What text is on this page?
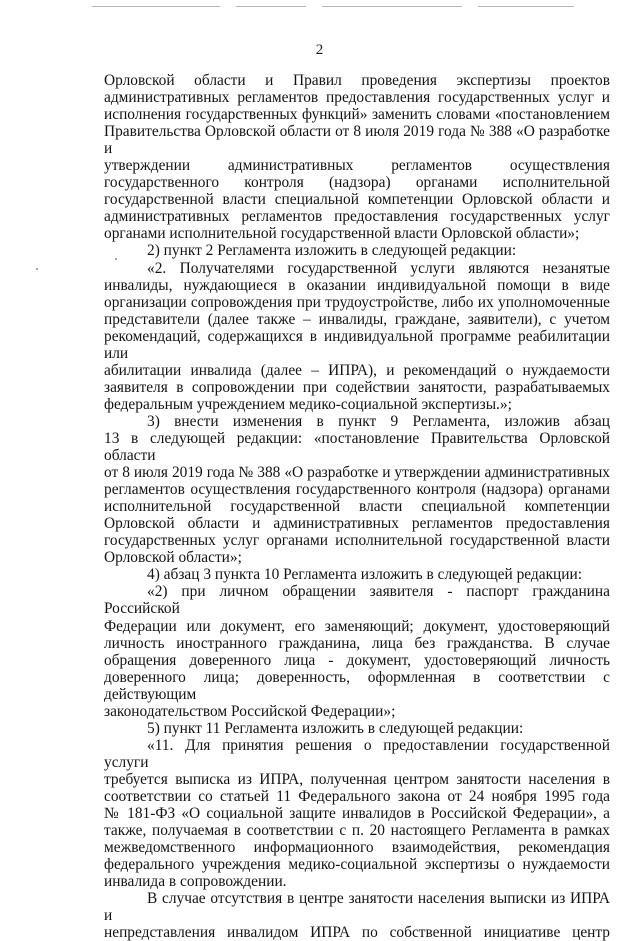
2

Орловской области и Правил проведения экспертизы проектов

административных регламентов предоставления государственных услуг и

исполнения государственных функций» заменить словами «постановлением

Правительства Орловской области от 8 июля 2019 года № 388 «О разработке и

утверждении административных регламентов осуществления

государственного контроля (надзора) органами исполнительной

государственной власти специальной компетенции Орловской области и

административных регламентов предоставления государственных услуг

органами исполнительной государственной власти Орловской области»;

2) пункт 2 Регламента изложить в следующей редакции:

«2. Получателями государственной услуги являются незанятые

инвалиды, нуждающиеся в оказании индивидуальной помощи в виде

организации сопровождения при трудоустройстве, либо их уполномоченные

представители (далее также – инвалиды, граждане, заявители), с учетом

рекомендаций, содержащихся в индивидуальной программе реабилитации или

абилитации инвалида (далее – ИПРА), и рекомендаций о нуждаемости

заявителя в сопровождении при содействии занятости, разрабатываемых

федеральным учреждением медико-социальной экспертизы.»;

3) внести изменения в пункт 9 Регламента, изложив абзац

13 в следующей редакции: «постановление Правительства Орловской области

от 8 июля 2019 года № 388 «О разработке и утверждении административных

регламентов осуществления государственного контроля (надзора) органами

исполнительной государственной власти специальной компетенции

Орловской области и административных регламентов предоставления

государственных услуг органами исполнительной государственной власти

Орловской области»;

4) абзац 3 пункта 10 Регламента изложить в следующей редакции:

«2) при личном обращении заявителя - паспорт гражданина Российской

Федерации или документ, его заменяющий; документ, удостоверяющий

личность иностранного гражданина, лица без гражданства. В случае

обращения доверенного лица - документ, удостоверяющий личность

доверенного лица; доверенность, оформленная в соответствии с действующим

законодательством Российской Федерации»;

5) пункт 11 Регламента изложить в следующей редакции:

«11. Для принятия решения о предоставлении государственной услуги

требуется выписка из ИПРА, полученная центром занятости населения в

соответствии со статьей 11 Федерального закона от 24 ноября 1995 года

№ 181-ФЗ «О социальной защите инвалидов в Российской Федерации», а

также, получаемая в соответствии с п. 20 настоящего Регламента в рамках

межведомственного информационного взаимодействия, рекомендация

федерального учреждения медико-социальной экспертизы о нуждаемости

инвалида в сопровождении.

В случае отсутствия в центре занятости населения выписки из ИПРА и

непредставления инвалидом ИПРА по собственной инициативе центр
